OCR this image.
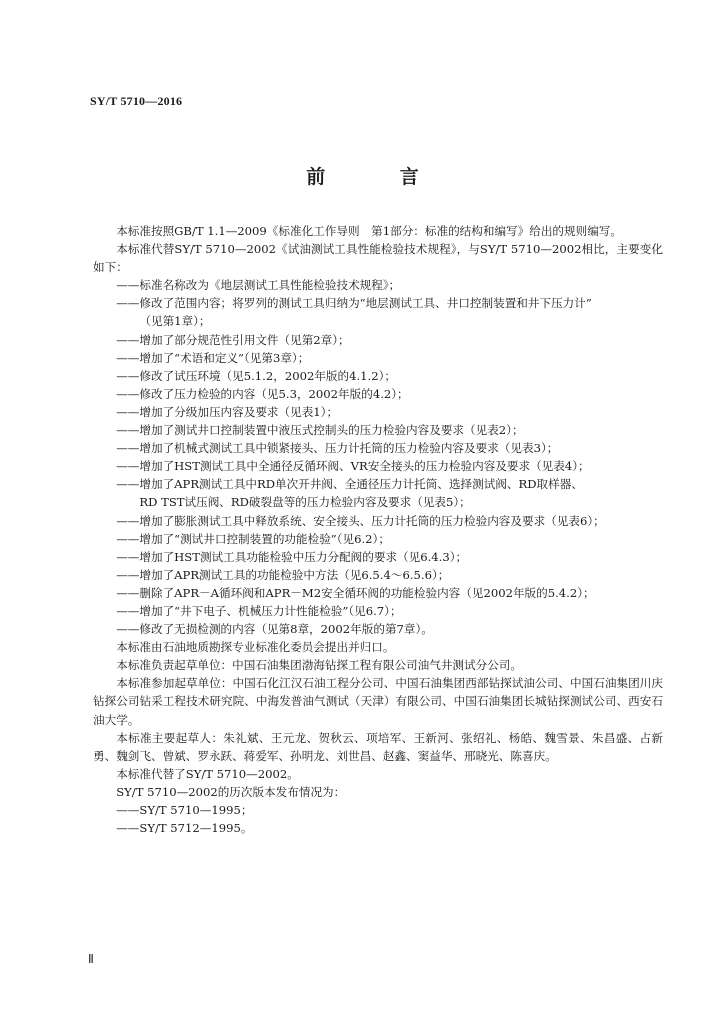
SY/T 5710—2016
前 言

本标准按照GB/T 1.1—2009《标准化工作导则　第1部分：标准的结构和编写》给出的规则编写。

本标准代替SY/T 5710—2002《试油测试工具性能检验技术规程》，与SY/T 5710—2002相比，主要变化如下：

——标准名称改为《地层测试工具性能检验技术规程》；

——修改了范围内容；将罗列的测试工具归纳为“地层测试工具、井口控制装置和井下压力计”

（见第1章）；

——增加了部分规范性引用文件（见第2章）；

——增加了“术语和定义”（见第3章）；

——修改了试压环境（见5.1.2，2002年版的4.1.2）；

——修改了压力检验的内容（见5.3，2002年版的4.2）；

——增加了分级加压内容及要求（见表1）；

——增加了测试井口控制装置中液压式控制头的压力检验内容及要求（见表2）；

——增加了机械式测试工具中锁紧接头、压力计托筒的压力检验内容及要求（见表3）；

——增加了HST测试工具中全通径反循环阀、VR安全接头的压力检验内容及要求（见表4）；

——增加了APR测试工具中RD单次开井阀、全通径压力计托筒、选择测试阀、RD取样器、

RD TST试压阀、RD破裂盘等的压力检验内容及要求（见表5）；

——增加了膨胀测试工具中释放系统、安全接头、压力计托筒的压力检验内容及要求（见表6）；

——增加了“测试井口控制装置的功能检验”（见6.2）；

——增加了HST测试工具功能检验中压力分配阀的要求（见6.4.3）；

——增加了APR测试工具的功能检验中方法（见6.5.4～6.5.6）；

——删除了APR－A循环阀和APR－M2安全循环阀的功能检验内容（见2002年版的5.4.2）；

——增加了“井下电子、机械压力计性能检验”（见6.7）；

——修改了无损检测的内容（见第8章，2002年版的第7章）。

本标准由石油地质勘探专业标准化委员会提出并归口。

本标准负责起草单位：中国石油集团渤海钻探工程有限公司油气井测试分公司。

本标准参加起草单位：中国石化江汉石油工程分公司、中国石油集团西部钻探试油公司、中国石油集团川庆钻探公司钻采工程技术研究院、中海发普油气测试（天津）有限公司、中国石油集团长城钻探测试公司、西安石油大学。

本标准主要起草人：朱礼斌、王元龙、贺秋云、项培军、王新河、张绍礼、杨皓、魏雪景、朱昌盛、占新勇、魏剑飞、曾斌、罗永跃、蒋爱军、孙明龙、刘世昌、赵鑫、窦益华、邢晓光、陈喜庆。

本标准代替了SY/T 5710—2002。

SY/T 5710—2002的历次版本发布情况为：

——SY/T 5710—1995；

——SY/T 5712—1995。

Ⅱ
